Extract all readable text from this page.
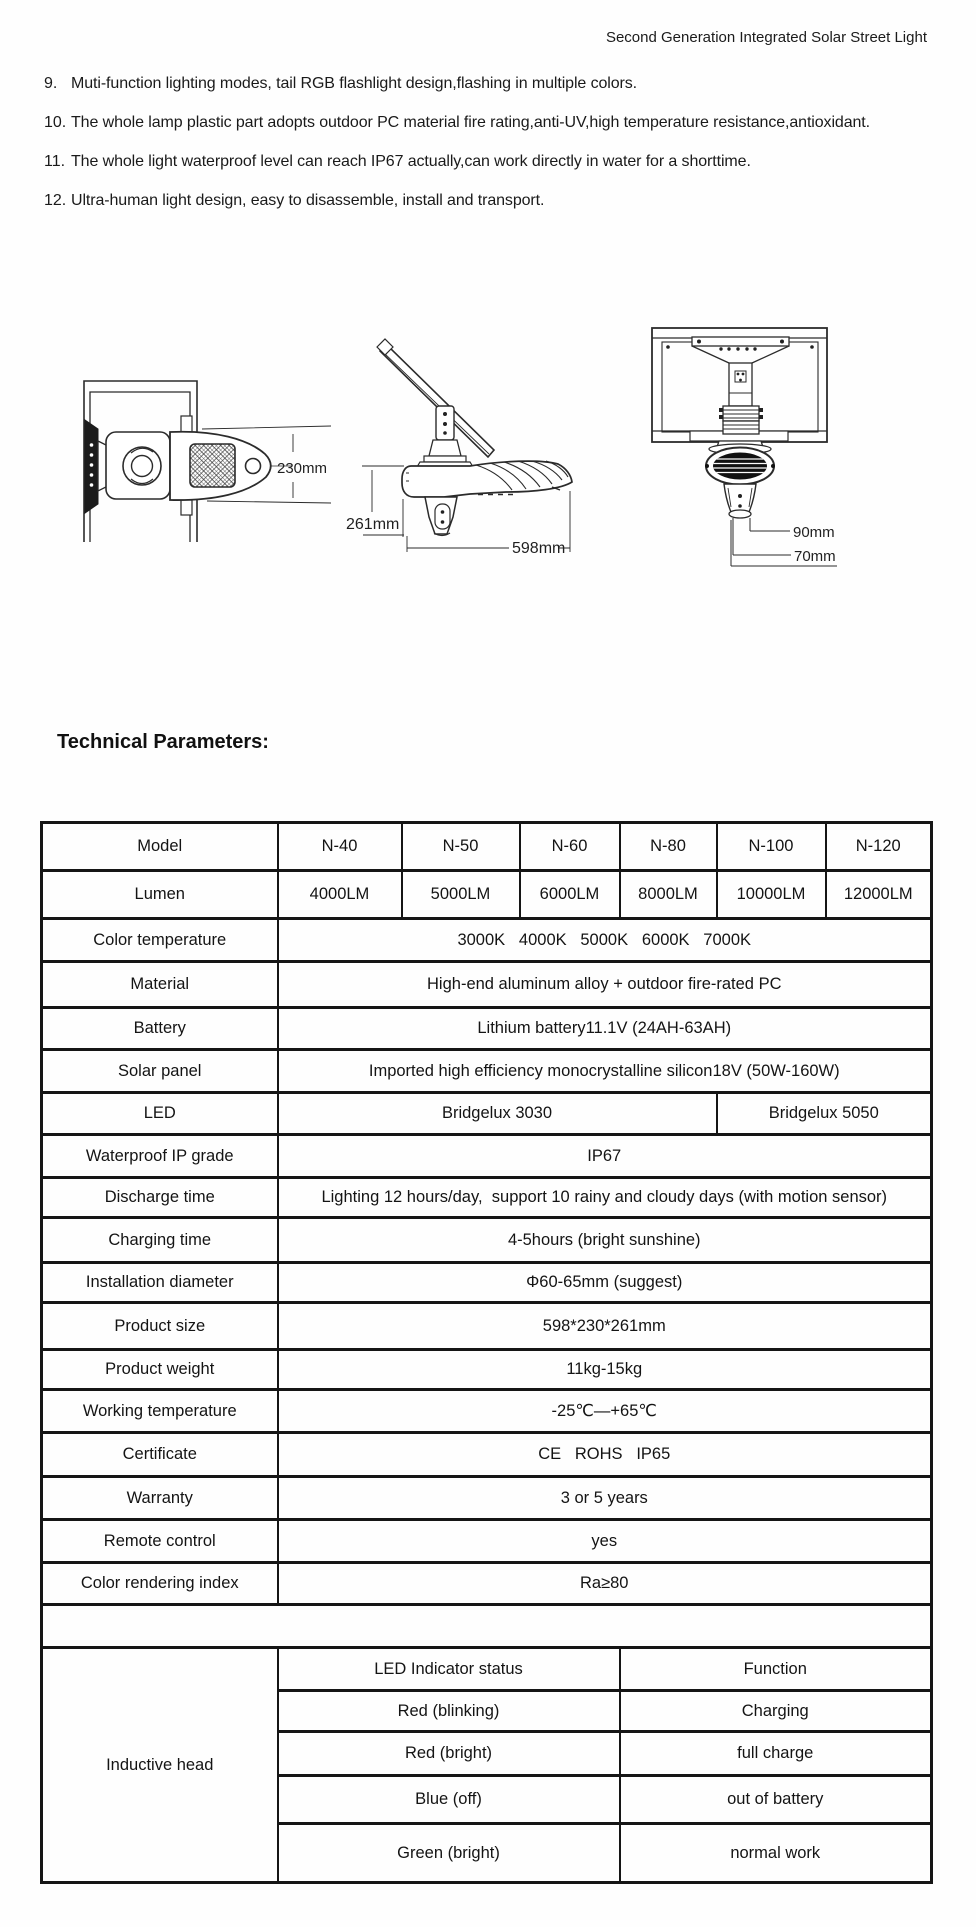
Second Generation Integrated Solar Street Light
9. Muti-function lighting modes, tail RGB flashlight design,flashing in multiple colors.
10. The whole lamp plastic part adopts outdoor PC material fire rating,anti-UV,high temperature resistance,antioxidant.
11. The whole light waterproof level can reach IP67 actually,can work directly in water for a shorttime.
12. Ultra-human light design, easy to disassemble, install and transport.
230mm
261mm
598mm
90mm
70mm
Technical Parameters:
Model	N-40	N-50	N-60	N-80	N-100	N-120
Lumen	4000LM	5000LM	6000LM	8000LM	10000LM	12000LM
Color temperature	3000K   4000K   5000K   6000K   7000K					
Material	High-end aluminum alloy + outdoor fire-rated PC					
Battery	Lithium battery11.1V (24AH-63AH)					
Solar panel	Imported high efficiency monocrystalline silicon18V (50W-160W)					
LED	Bridgelux 3030				Bridgelux 5050	
Waterproof IP grade	IP67					
Discharge time	Lighting 12 hours/day,  support 10 rainy and cloudy days (with motion sensor)					
Charging time	4-5hours (bright sunshine)					
Installation diameter	Φ60-65mm (suggest)					
Product size	598*230*261mm					
Product weight	11kg-15kg					
Working temperature	-25℃—+65℃					
Certificate	CE   ROHS   IP65					
Warranty	3 or 5 years					
Remote control	yes					
Color rendering index	Ra≥80					

Inductive head	LED Indicator status			Function		
	Red (blinking)			Charging		
	Red (bright)			full charge		
	Blue (off)			out of battery		
	Green (bright)			normal work		
